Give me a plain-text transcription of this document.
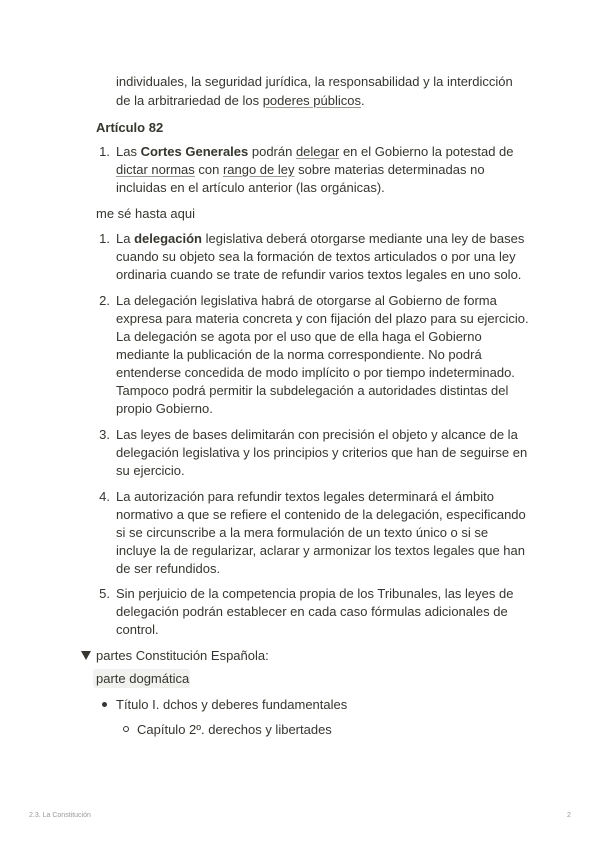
individuales, la seguridad jurídica, la responsabilidad y la interdicción
de la arbitrariedad de los poderes públicos.
Artículo 82
1. Las Cortes Generales podrán delegar en el Gobierno la potestad de
dictar normas con rango de ley sobre materias determinadas no
incluidas en el artículo anterior (las orgánicas).
me sé hasta aqui
1. La delegación legislativa deberá otorgarse mediante una ley de bases
cuando su objeto sea la formación de textos articulados o por una ley
ordinaria cuando se trate de refundir varios textos legales en uno solo.
2. La delegación legislativa habrá de otorgarse al Gobierno de forma
expresa para materia concreta y con fijación del plazo para su ejercicio.
La delegación se agota por el uso que de ella haga el Gobierno
mediante la publicación de la norma correspondiente. No podrá
entenderse concedida de modo implícito o por tiempo indeterminado.
Tampoco podrá permitir la subdelegación a autoridades distintas del
propio Gobierno.
3. Las leyes de bases delimitarán con precisión el objeto y alcance de la
delegación legislativa y los principios y criterios que han de seguirse en
su ejercicio.
4. La autorización para refundir textos legales determinará el ámbito
normativo a que se refiere el contenido de la delegación, especificando
si se circunscribe a la mera formulación de un texto único o si se
incluye la de regularizar, aclarar y armonizar los textos legales que han
de ser refundidos.
5. Sin perjuicio de la competencia propia de los Tribunales, las leyes de
delegación podrán establecer en cada caso fórmulas adicionales de
control.
partes Constitución Española:
parte dogmática
Título I. dchos y deberes fundamentales
Capítulo 2º. derechos y libertades
2.3. La Constitución	2
